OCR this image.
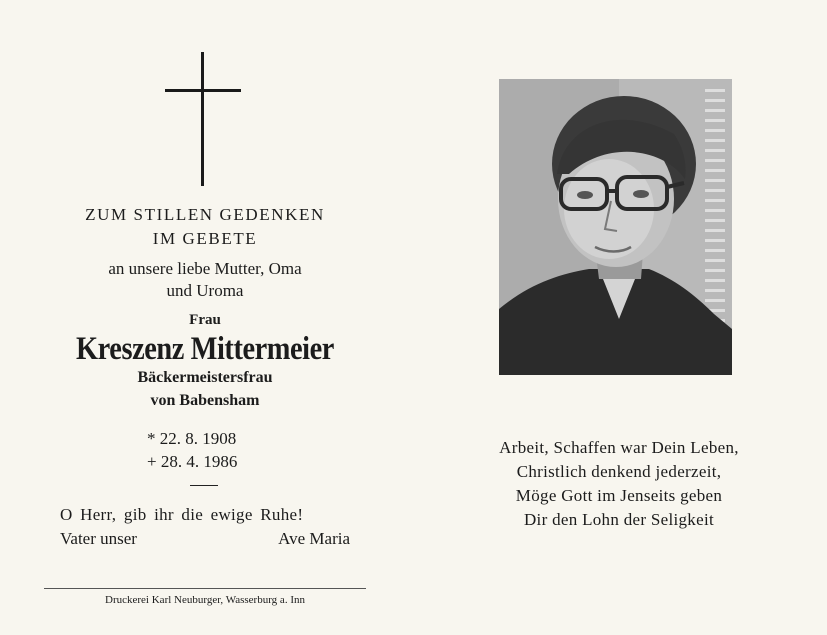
ZUM STILLEN GEDENKEN
IM GEBETE
an unsere liebe Mutter, Oma
und Uroma
Frau
Kreszenz Mittermeier
Bäckermeistersfrau
von Babensham
* 22. 8. 1908
+ 28. 4. 1986
O Herr, gib ihr die ewige Ruhe!
Vater unser	Ave Maria
Druckerei Karl Neuburger, Wasserburg a. Inn
Arbeit, Schaffen war Dein Leben,
Christlich denkend jederzeit,
Möge Gott im Jenseits geben
Dir den Lohn der Seligkeit
